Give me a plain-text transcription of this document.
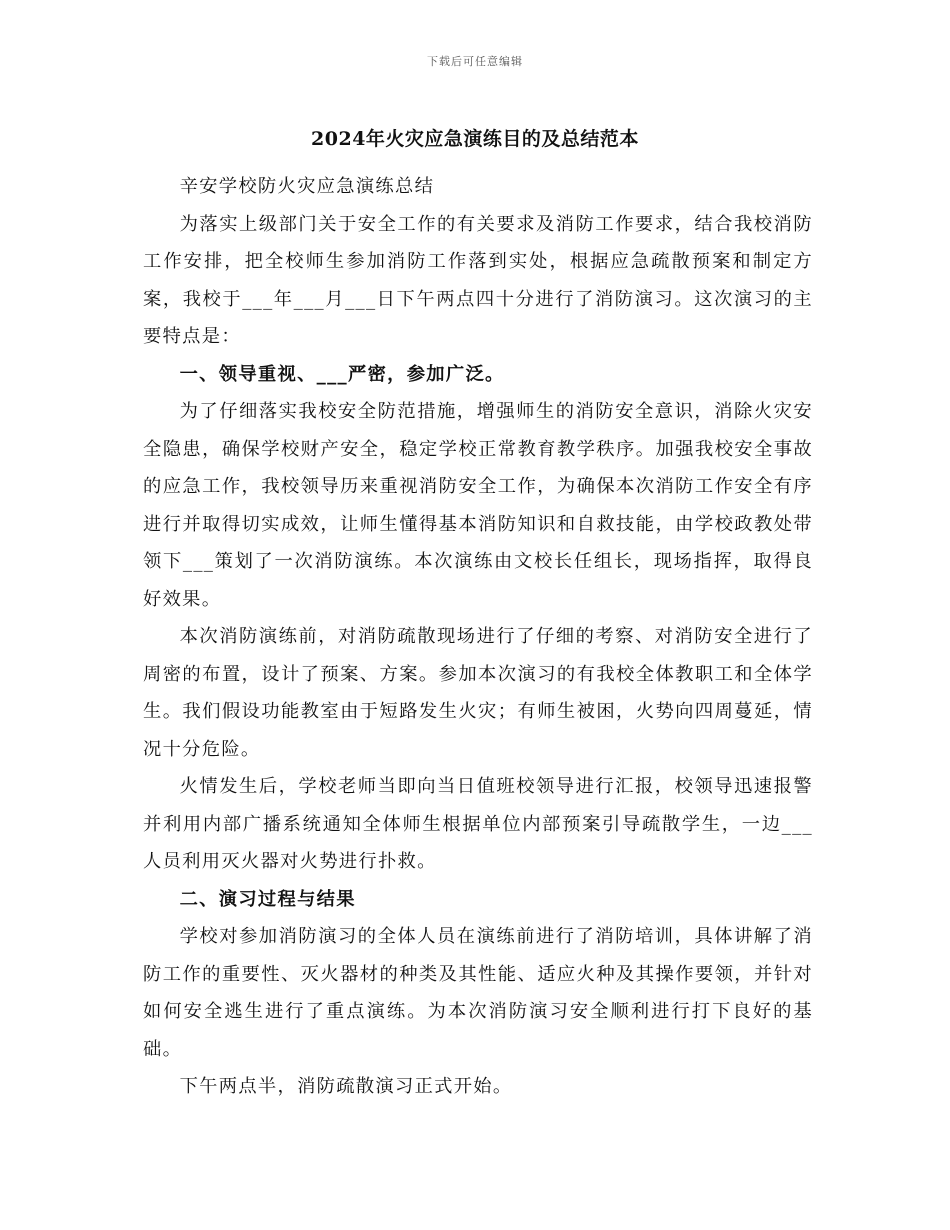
下载后可任意编辑
2024年火灾应急演练目的及总结范本

辛安学校防火灾应急演练总结

为落实上级部门关于安全工作的有关要求及消防工作要求，结合我校消防工作安排，把全校师生参加消防工作落到实处，根据应急疏散预案和制定方案，我校于___年___月___日下午两点四十分进行了消防演习。这次演习的主要特点是：

一、领导重视、___严密，参加广泛。

为了仔细落实我校安全防范措施，增强师生的消防安全意识，消除火灾安全隐患，确保学校财产安全，稳定学校正常教育教学秩序。加强我校安全事故的应急工作，我校领导历来重视消防安全工作，为确保本次消防工作安全有序进行并取得切实成效，让师生懂得基本消防知识和自救技能，由学校政教处带领下___策划了一次消防演练。本次演练由文校长任组长，现场指挥，取得良好效果。

本次消防演练前，对消防疏散现场进行了仔细的考察、对消防安全进行了周密的布置，设计了预案、方案。参加本次演习的有我校全体教职工和全体学生。我们假设功能教室由于短路发生火灾；有师生被困，火势向四周蔓延，情况十分危险。

火情发生后，学校老师当即向当日值班校领导进行汇报，校领导迅速报警并利用内部广播系统通知全体师生根据单位内部预案引导疏散学生，一边___人员利用灭火器对火势进行扑救。

二、演习过程与结果

学校对参加消防演习的全体人员在演练前进行了消防培训，具体讲解了消防工作的重要性、灭火器材的种类及其性能、适应火种及其操作要领，并针对如何安全逃生进行了重点演练。为本次消防演习安全顺利进行打下良好的基础。

下午两点半，消防疏散演习正式开始。
